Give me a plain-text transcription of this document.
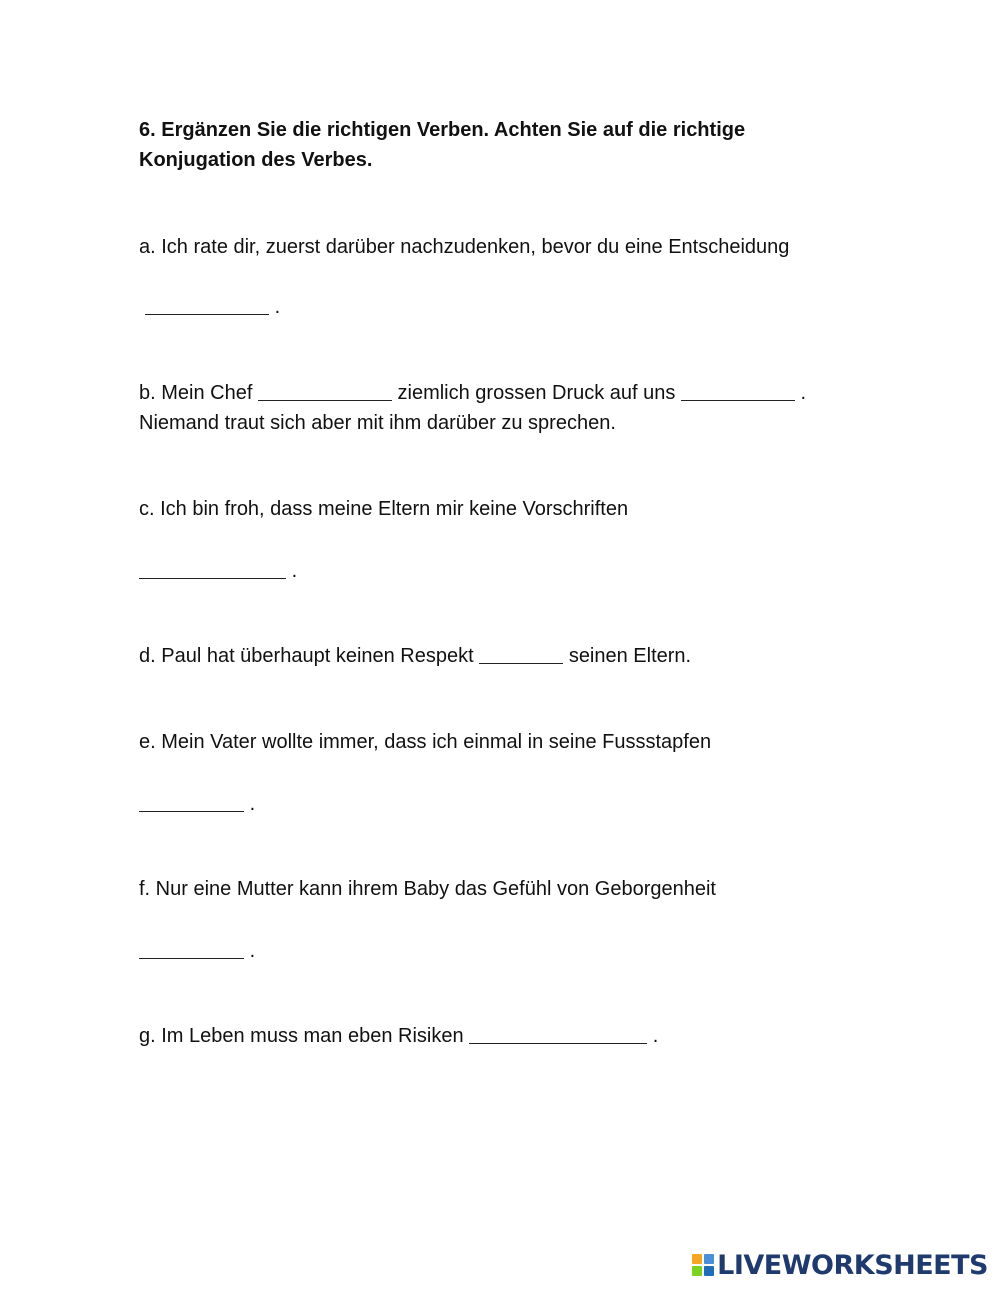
6. Ergänzen Sie die richtigen Verben. Achten Sie auf die richtige
Konjugation des Verbes.
a. Ich rate dir, zuerst darüber nachzudenken, bevor du eine Entscheidung
.
b. Mein Chef	ziemlich grossen Druck auf uns	.
Niemand traut sich aber mit ihm darüber zu sprechen.
c. Ich bin froh, dass meine Eltern mir keine Vorschriften
.
d. Paul hat überhaupt keinen Respekt	seinen Eltern.
e. Mein Vater wollte immer, dass ich einmal in seine Fussstapfen
.
f. Nur eine Mutter kann ihrem Baby das Gefühl von Geborgenheit
.
g. Im Leben muss man eben Risiken	.
LIVEWORKSHEETS
